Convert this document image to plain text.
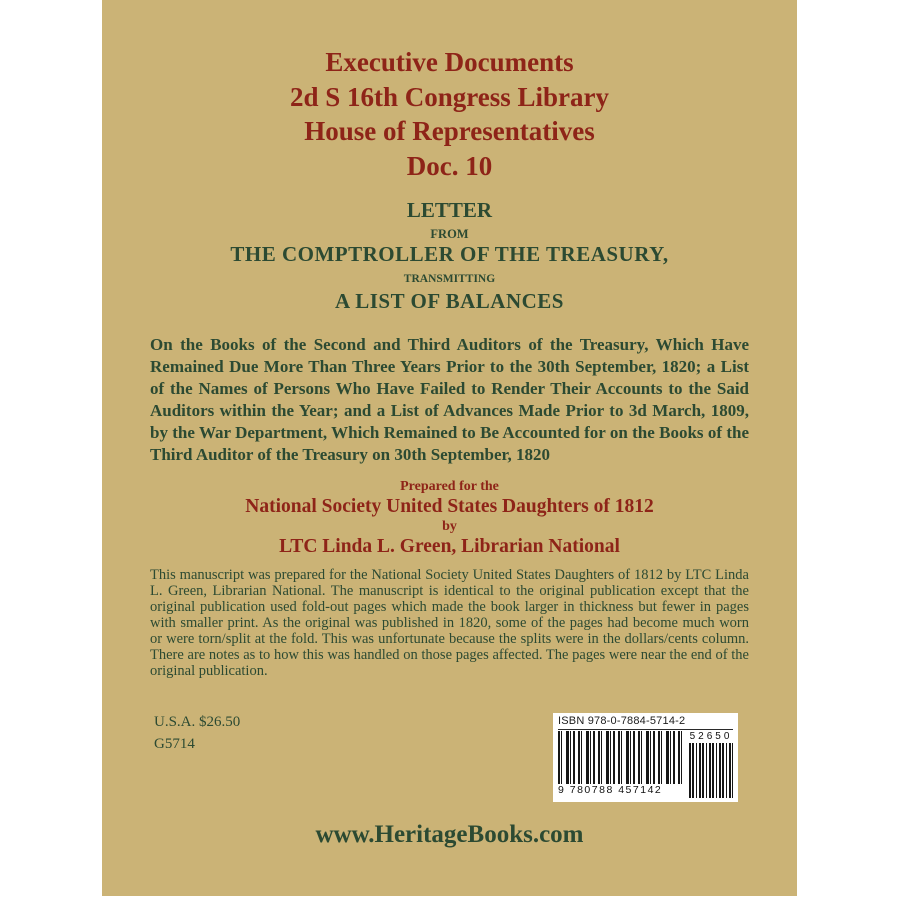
Executive Documents
2d S 16th Congress Library
House of Representatives
Doc. 10
LETTER
FROM
THE COMPTROLLER OF THE TREASURY,
TRANSMITTING
A LIST OF BALANCES

On the Books of the Second and Third Auditors of the Treasury, Which Have Remained Due More Than Three Years Prior to the 30th September, 1820; a List of the Names of Persons Who Have Failed to Render Their Accounts to the Said Auditors within the Year; and a List of Advances Made Prior to 3d March, 1809, by the War Department, Which Remained to Be Accounted for on the Books of the Third Auditor of the Treasury on 30th September, 1820

Prepared for the
National Society United States Daughters of 1812
by
LTC Linda L. Green, Librarian National

This manuscript was prepared for the National Society United States Daughters of 1812 by LTC Linda L. Green, Librarian National. The manuscript is identical to the original publication except that the original publication used fold-out pages which made the book larger in thickness but fewer in pages with smaller print. As the original was published in 1820, some of the pages had become much worn or were torn/split at the fold. This was unfortunate because the splits were in the dollars/cents column. There are notes as to how this was handled on those pages affected. The pages were near the end of the original publication.

U.S.A. $26.50
G5714
ISBN 978-0-7884-5714-2
9 780788 457142
52650
www.HeritageBooks.com
